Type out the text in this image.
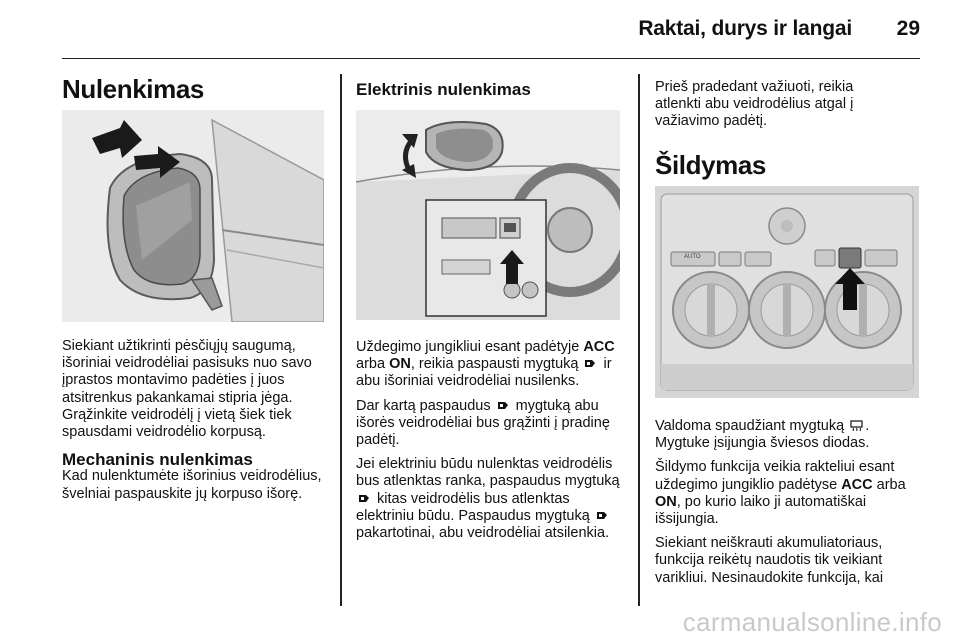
Raktai, durys ir langai 29
Nulenkimas

Siekiant užtikrinti pėsčiųjų saugumą, išoriniai veidrodėliai pasisuks nuo savo įprastos montavimo padėties į juos atsitrenkus pakankamai stipria jėga. Grąžinkite veidrodėlį į vietą šiek tiek spausdami veidrodėlio korpusą.

Mechaninis nulenkimas

Kad nulenktumėte išorinius veidrodėlius, švelniai paspauskite jų korpuso išorę.

Elektrinis nulenkimas

Uždegimo jungikliui esant padėtyje ACC arba ON, reikia paspausti mygtuką  ir abu išoriniai veidrodėliai nusilenks.

Dar kartą paspaudus  mygtuką abu išorės veidrodėliai bus grąžinti į pradinę padėtį.

Jei elektriniu būdu nulenktas veidrodėlis bus atlenktas ranka, paspaudus mygtuką  kitas veidrodėlis bus atlenktas elektriniu būdu. Paspaudus mygtuką  pakartotinai, abu veidrodėliai atsilenkia.

Prieš pradedant važiuoti, reikia atlenkti abu veidrodėlius atgal į važiavimo padėtį.

Šildymas
AUTO

Valdoma spaudžiant mygtuką . Mygtuke įsijungia šviesos diodas.

Šildymo funkcija veikia rakteliui esant uždegimo jungiklio padėtyse ACC arba ON, po kurio laiko ji automatiškai išsijungia.

Siekiant neiškrauti akumuliatoriaus, funkcija reikėtų naudotis tik veikiant varikliui. Nesinaudokite funkcija, kai

carmanualsonline.info
